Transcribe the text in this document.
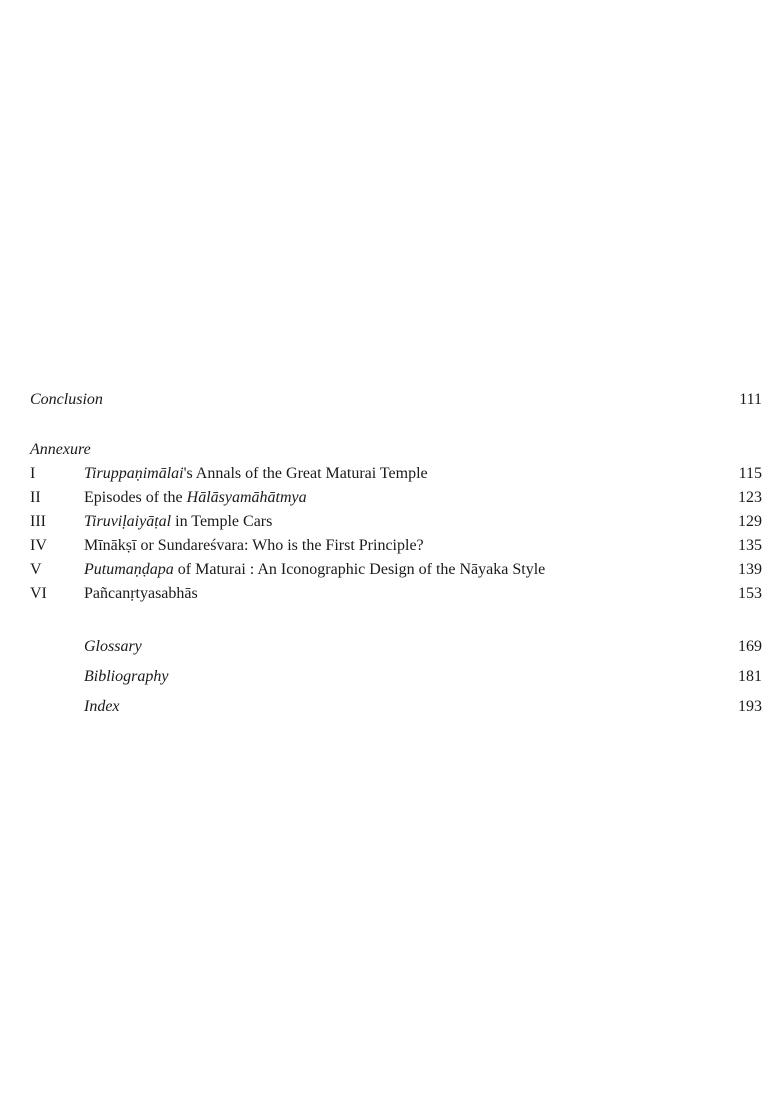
Conclusion	111
Annexure
I	Tiruppaṇimālai's Annals of the Great Maturai Temple	115
II	Episodes of the Hālāsyamāhātmya	123
III Tiruviḷaiyāṭal in Temple Cars	129
IV Mīnākṣī or Sundareśvara: Who is the First Principle?	135
V	Putumaṇḍapa of Maturai : An Iconographic Design of the Nāyaka Style	139
VI Pañcanṛtyasabhās	153
Glossary	169
Bibliography	181
Index	193
